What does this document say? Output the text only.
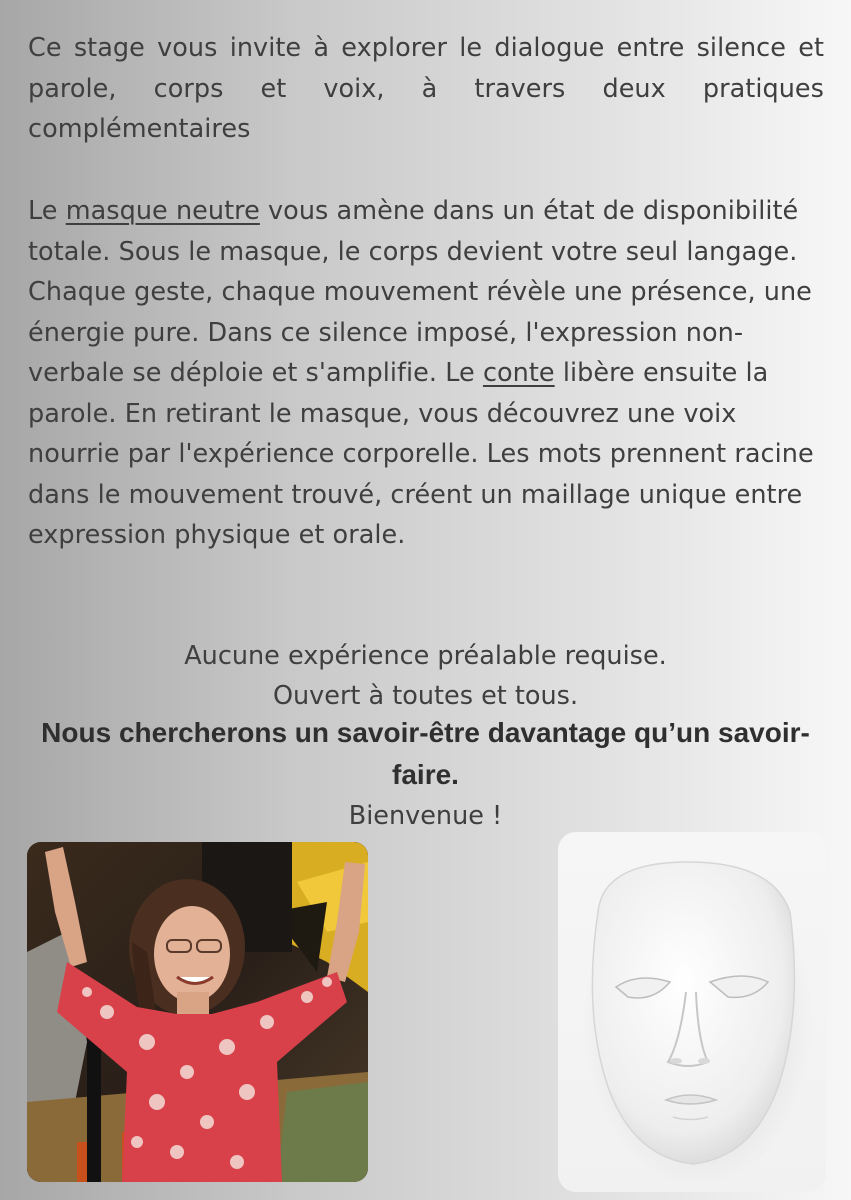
Ce stage vous invite à explorer le dialogue entre silence et parole, corps et voix, à travers deux pratiques complémentaires

Le masque neutre vous amène dans un état de disponibilité totale. Sous le masque, le corps devient votre seul langage. Chaque geste, chaque mouvement révèle une présence, une énergie pure. Dans ce silence imposé, l'expression non-verbale se déploie et s'amplifie. Le conte libère ensuite la parole. En retirant le masque, vous découvrez une voix nourrie par l'expérience corporelle. Les mots prennent racine dans le mouvement trouvé, créent un maillage unique entre expression physique et orale.

Aucune expérience préalable requise.
Ouvert à toutes et tous.
Nous chercherons un savoir-être davantage qu’un savoir-faire.
Bienvenue !
